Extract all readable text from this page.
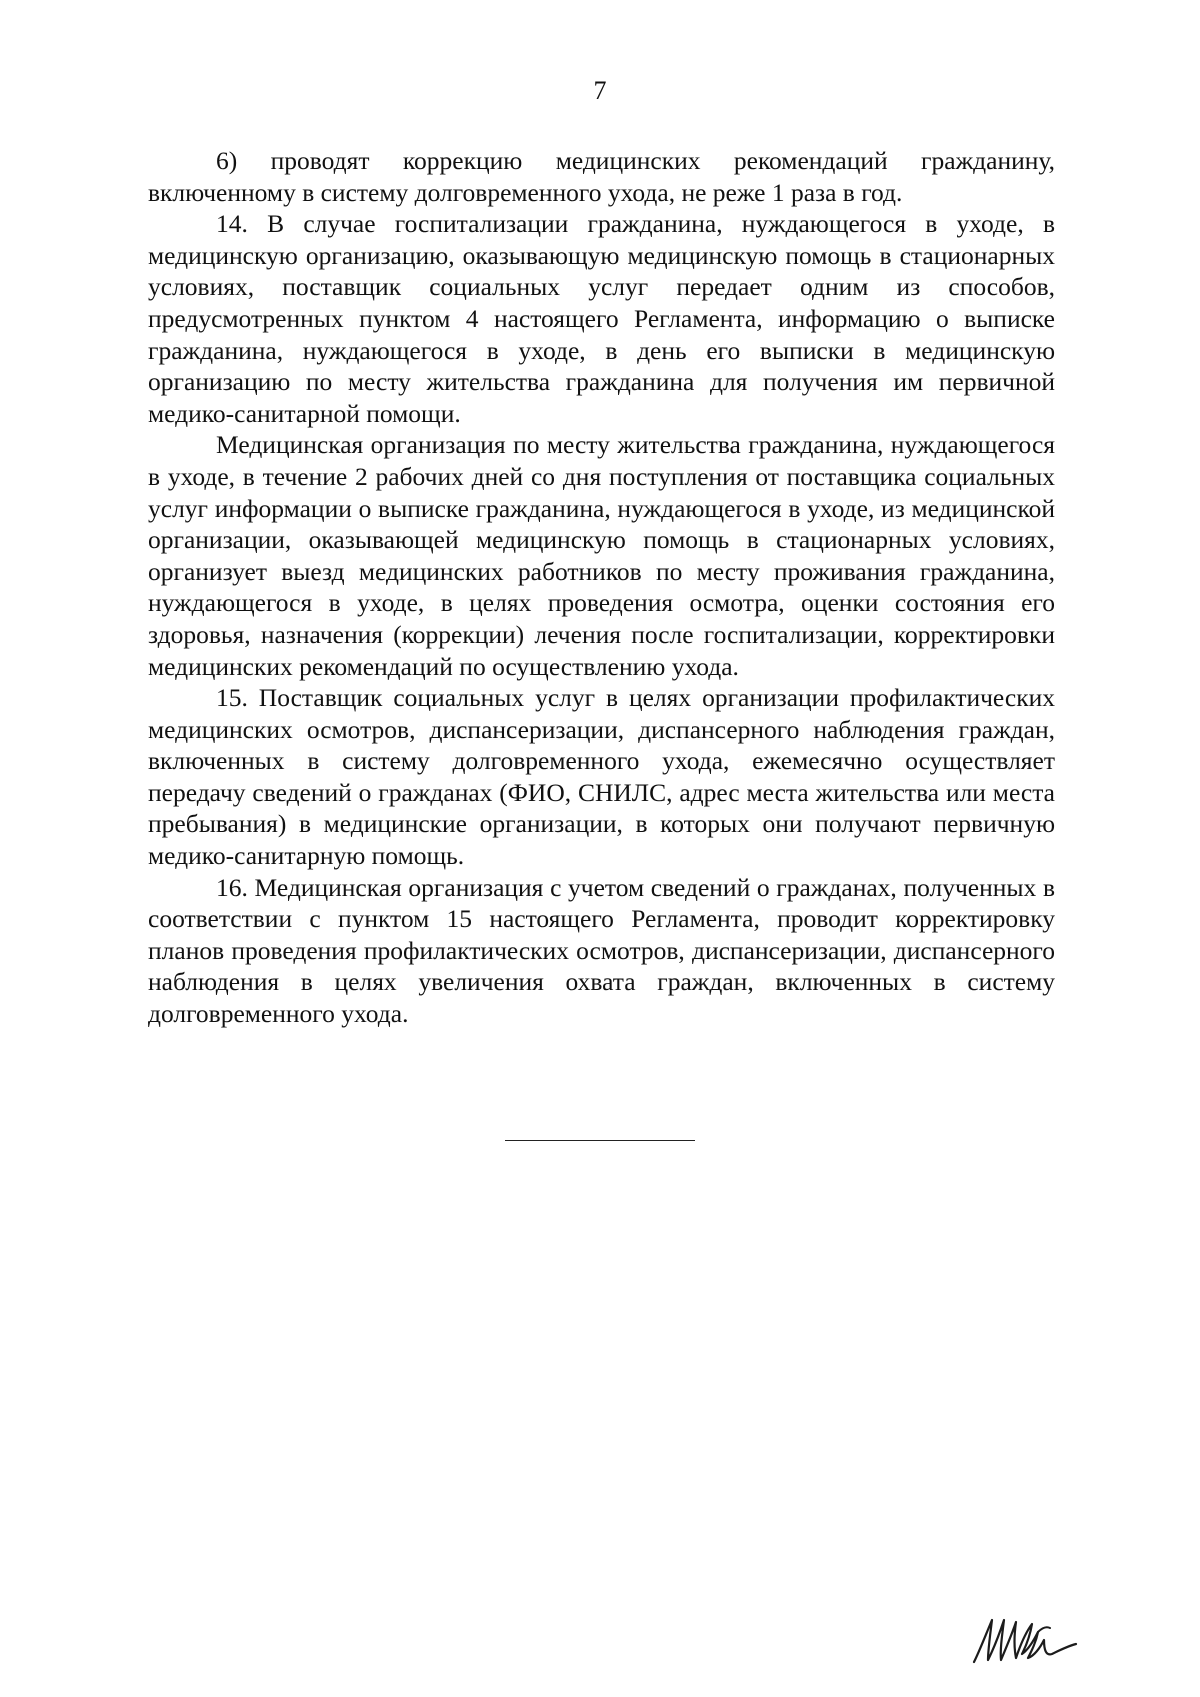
7

6) проводят коррекцию медицинских рекомендаций гражданину, включенному в систему долговременного ухода, не реже 1 раза в год.

14. В случае госпитализации гражданина, нуждающегося в уходе, в медицинскую организацию, оказывающую медицинскую помощь в стационарных условиях, поставщик социальных услуг передает одним из способов, предусмотренных пунктом 4 настоящего Регламента, информацию о выписке гражданина, нуждающегося в уходе, в день его выписки в медицинскую организацию по месту жительства гражданина для получения им первичной медико-санитарной помощи.

Медицинская организация по месту жительства гражданина, нуждающегося в уходе, в течение 2 рабочих дней со дня поступления от поставщика социальных услуг информации о выписке гражданина, нуждающегося в уходе, из медицинской организации, оказывающей медицинскую помощь в стационарных условиях, организует выезд медицинских работников по месту проживания гражданина, нуждающегося в уходе, в целях проведения осмотра, оценки состояния его здоровья, назначения (коррекции) лечения после госпитализации, корректировки медицинских рекомендаций по осуществлению ухода.

15. Поставщик социальных услуг в целях организации профилактических медицинских осмотров, диспансеризации, диспансерного наблюдения граждан, включенных в систему долговременного ухода, ежемесячно осуществляет передачу сведений о гражданах (ФИО, СНИЛС, адрес места жительства или места пребывания) в медицинские организации, в которых они получают первичную медико-санитарную помощь.

16. Медицинская организация с учетом сведений о гражданах, полученных в соответствии с пунктом 15 настоящего Регламента, проводит корректировку планов проведения профилактических осмотров, диспансеризации, диспансерного наблюдения в целях увеличения охвата граждан, включенных в систему долговременного ухода.
